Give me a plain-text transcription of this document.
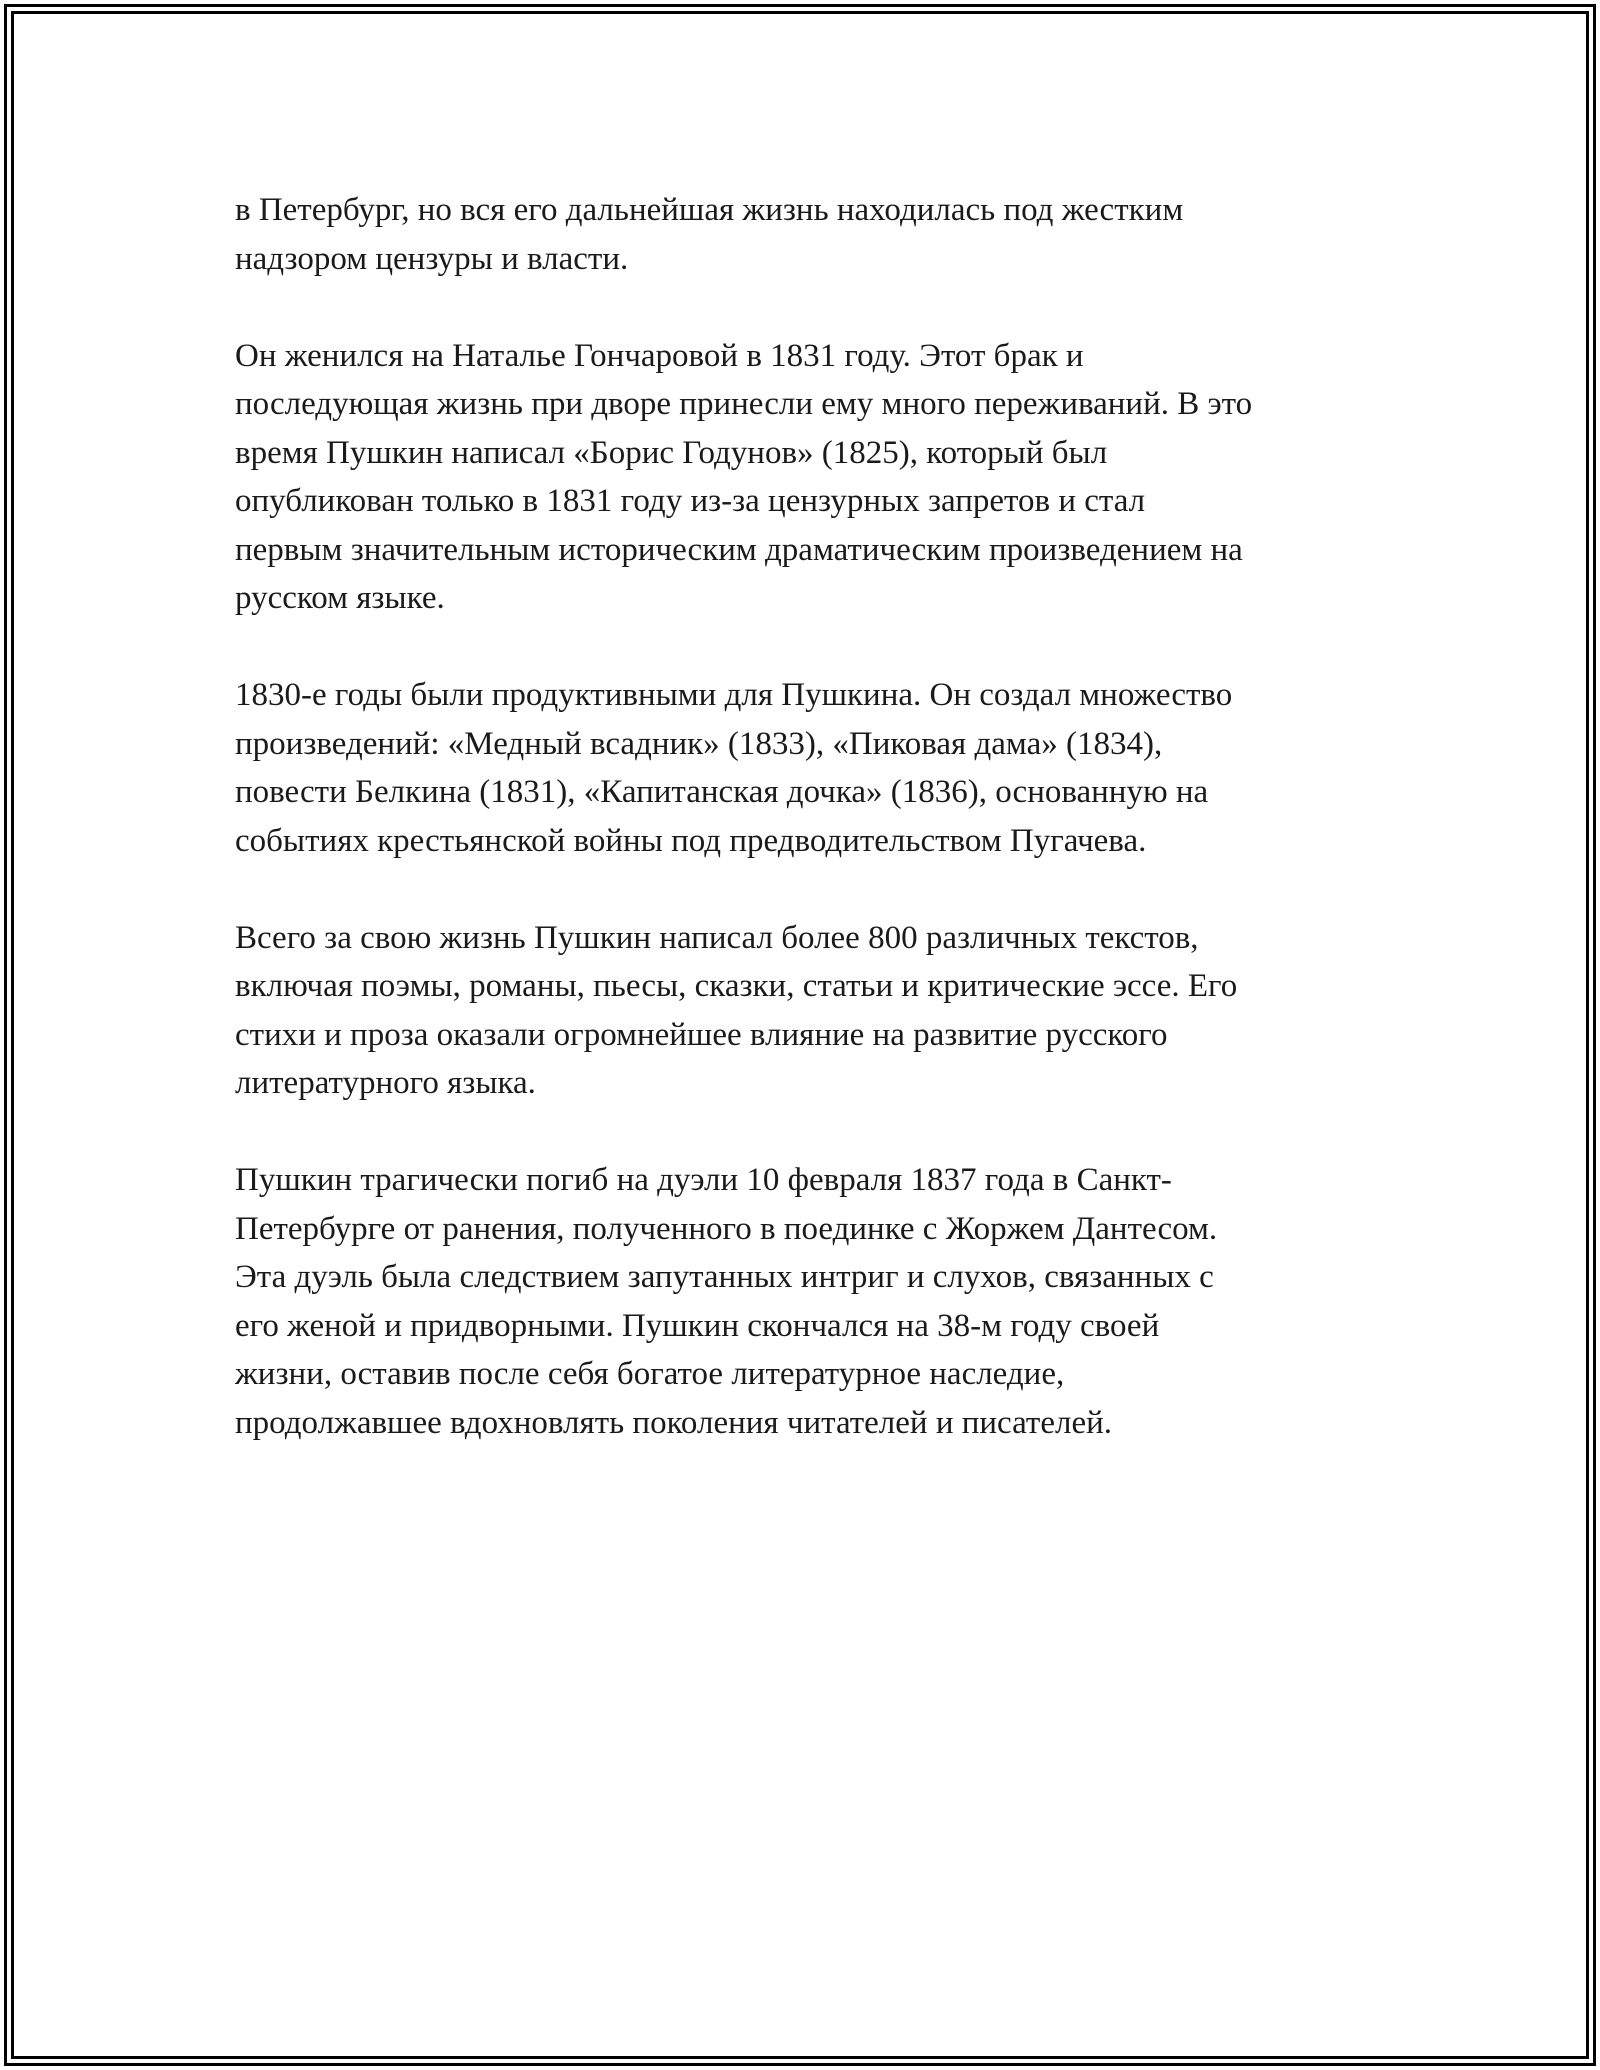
в Петербург, но вся его дальнейшая жизнь находилась под жестким
надзором цензуры и власти.

Он женился на Наталье Гончаровой в 1831 году. Этот брак и
последующая жизнь при дворе принесли ему много переживаний. В это
время Пушкин написал «Борис Годунов» (1825), который был
опубликован только в 1831 году из-за цензурных запретов и стал
первым значительным историческим драматическим произведением на
русском языке.

1830-е годы были продуктивными для Пушкина. Он создал множество
произведений: «Медный всадник» (1833), «Пиковая дама» (1834),
повести Белкина (1831), «Капитанская дочка» (1836), основанную на
событиях крестьянской войны под предводительством Пугачева.

Всего за свою жизнь Пушкин написал более 800 различных текстов,
включая поэмы, романы, пьесы, сказки, статьи и критические эссе. Его
стихи и проза оказали огромнейшее влияние на развитие русского
литературного языка.

Пушкин трагически погиб на дуэли 10 февраля 1837 года в Санкт-
Петербурге от ранения, полученного в поединке с Жоржем Дантесом.
Эта дуэль была следствием запутанных интриг и слухов, связанных с
его женой и придворными. Пушкин скончался на 38-м году своей
жизни, оставив после себя богатое литературное наследие,
продолжавшее вдохновлять поколения читателей и писателей.
